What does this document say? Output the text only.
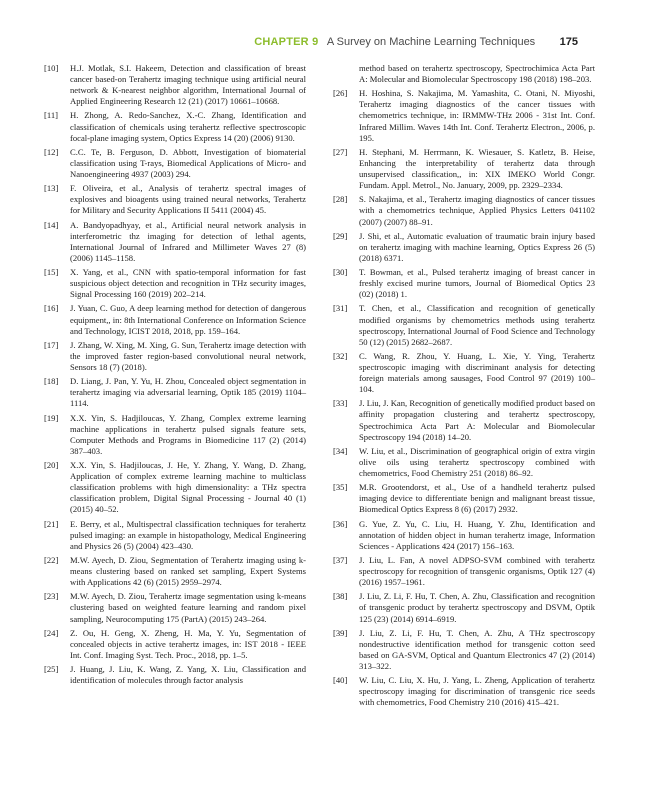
CHAPTER 9 A Survey on Machine Learning Techniques 175
[10] H.J. Motlak, S.I. Hakeem, Detection and classification of breast cancer based-on Terahertz imaging technique using artificial neural network & K-nearest neighbor algorithm, International Journal of Applied Engineering Research 12 (21) (2017) 10661–10668.
[11] H. Zhong, A. Redo-Sanchez, X.-C. Zhang, Identification and classification of chemicals using terahertz reflective spectroscopic focal-plane imaging system, Optics Express 14 (20) (2006) 9130.
[12] C.C. Te, B. Ferguson, D. Abbott, Investigation of biomaterial classification using T-rays, Biomedical Applications of Micro- and Nanoengineering 4937 (2003) 294.
[13] F. Oliveira, et al., Analysis of terahertz spectral images of explosives and bioagents using trained neural networks, Terahertz for Military and Security Applications II 5411 (2004) 45.
[14] A. Bandyopadhyay, et al., Artificial neural network analysis in interferometric thz imaging for detection of lethal agents, International Journal of Infrared and Millimeter Waves 27 (8) (2006) 1145–1158.
[15] X. Yang, et al., CNN with spatio-temporal information for fast suspicious object detection and recognition in THz security images, Signal Processing 160 (2019) 202–214.
[16] J. Yuan, C. Guo, A deep learning method for detection of dangerous equipment,, in: 8th International Conference on Information Science and Technology, ICIST 2018, 2018, pp. 159–164.
[17] J. Zhang, W. Xing, M. Xing, G. Sun, Terahertz image detection with the improved faster region-based convolutional neural network, Sensors 18 (7) (2018).
[18] D. Liang, J. Pan, Y. Yu, H. Zhou, Concealed object segmentation in terahertz imaging via adversarial learning, Optik 185 (2019) 1104–1114.
[19] X.X. Yin, S. Hadjiloucas, Y. Zhang, Complex extreme learning machine applications in terahertz pulsed signals feature sets, Computer Methods and Programs in Biomedicine 117 (2) (2014) 387–403.
[20] X.X. Yin, S. Hadjiloucas, J. He, Y. Zhang, Y. Wang, D. Zhang, Application of complex extreme learning machine to multiclass classification problems with high dimensionality: a THz spectra classification problem, Digital Signal Processing - Journal 40 (1) (2015) 40–52.
[21] E. Berry, et al., Multispectral classification techniques for terahertz pulsed imaging: an example in histopathology, Medical Engineering and Physics 26 (5) (2004) 423–430.
[22] M.W. Ayech, D. Ziou, Segmentation of Terahertz imaging using k-means clustering based on ranked set sampling, Expert Systems with Applications 42 (6) (2015) 2959–2974.
[23] M.W. Ayech, D. Ziou, Terahertz image segmentation using k-means clustering based on weighted feature learning and random pixel sampling, Neurocomputing 175 (PartA) (2015) 243–264.
[24] Z. Ou, H. Geng, X. Zheng, H. Ma, Y. Yu, Segmentation of concealed objects in active terahertz images, in: IST 2018 - IEEE Int. Conf. Imaging Syst. Tech. Proc., 2018, pp. 1–5.
[25] J. Huang, J. Liu, K. Wang, Z. Yang, X. Liu, Classification and identification of molecules through factor analysis
method based on terahertz spectroscopy, Spectrochimica Acta Part A: Molecular and Biomolecular Spectroscopy 198 (2018) 198–203.
[26] H. Hoshina, S. Nakajima, M. Yamashita, C. Otani, N. Miyoshi, Terahertz imaging diagnostics of the cancer tissues with chemometrics technique, in: IRMMW-THz 2006 - 31st Int. Conf. Infrared Millim. Waves 14th Int. Conf. Terahertz Electron., 2006, p. 195.
[27] H. Stephani, M. Herrmann, K. Wiesauer, S. Katletz, B. Heise, Enhancing the interpretability of terahertz data through unsupervised classification,, in: XIX IMEKO World Congr. Fundam. Appl. Metrol., No. January, 2009, pp. 2329–2334.
[28] S. Nakajima, et al., Terahertz imaging diagnostics of cancer tissues with a chemometrics technique, Applied Physics Letters 041102 (2007) (2007) 88–91.
[29] J. Shi, et al., Automatic evaluation of traumatic brain injury based on terahertz imaging with machine learning, Optics Express 26 (5) (2018) 6371.
[30] T. Bowman, et al., Pulsed terahertz imaging of breast cancer in freshly excised murine tumors, Journal of Biomedical Optics 23 (02) (2018) 1.
[31] T. Chen, et al., Classification and recognition of genetically modified organisms by chemometrics methods using terahertz spectroscopy, International Journal of Food Science and Technology 50 (12) (2015) 2682–2687.
[32] C. Wang, R. Zhou, Y. Huang, L. Xie, Y. Ying, Terahertz spectroscopic imaging with discriminant analysis for detecting foreign materials among sausages, Food Control 97 (2019) 100–104.
[33] J. Liu, J. Kan, Recognition of genetically modified product based on affinity propagation clustering and terahertz spectroscopy, Spectrochimica Acta Part A: Molecular and Biomolecular Spectroscopy 194 (2018) 14–20.
[34] W. Liu, et al., Discrimination of geographical origin of extra virgin olive oils using terahertz spectroscopy combined with chemometrics, Food Chemistry 251 (2018) 86–92.
[35] M.R. Grootendorst, et al., Use of a handheld terahertz pulsed imaging device to differentiate benign and malignant breast tissue, Biomedical Optics Express 8 (6) (2017) 2932.
[36] G. Yue, Z. Yu, C. Liu, H. Huang, Y. Zhu, Identification and annotation of hidden object in human terahertz image, Information Sciences - Applications 424 (2017) 156–163.
[37] J. Liu, L. Fan, A novel ADPSO-SVM combined with terahertz spectroscopy for recognition of transgenic organisms, Optik 127 (4) (2016) 1957–1961.
[38] J. Liu, Z. Li, F. Hu, T. Chen, A. Zhu, Classification and recognition of transgenic product by terahertz spectroscopy and DSVM, Optik 125 (23) (2014) 6914–6919.
[39] J. Liu, Z. Li, F. Hu, T. Chen, A. Zhu, A THz spectroscopy nondestructive identification method for transgenic cotton seed based on GA-SVM, Optical and Quantum Electronics 47 (2) (2014) 313–322.
[40] W. Liu, C. Liu, X. Hu, J. Yang, L. Zheng, Application of terahertz spectroscopy imaging for discrimination of transgenic rice seeds with chemometrics, Food Chemistry 210 (2016) 415–421.
